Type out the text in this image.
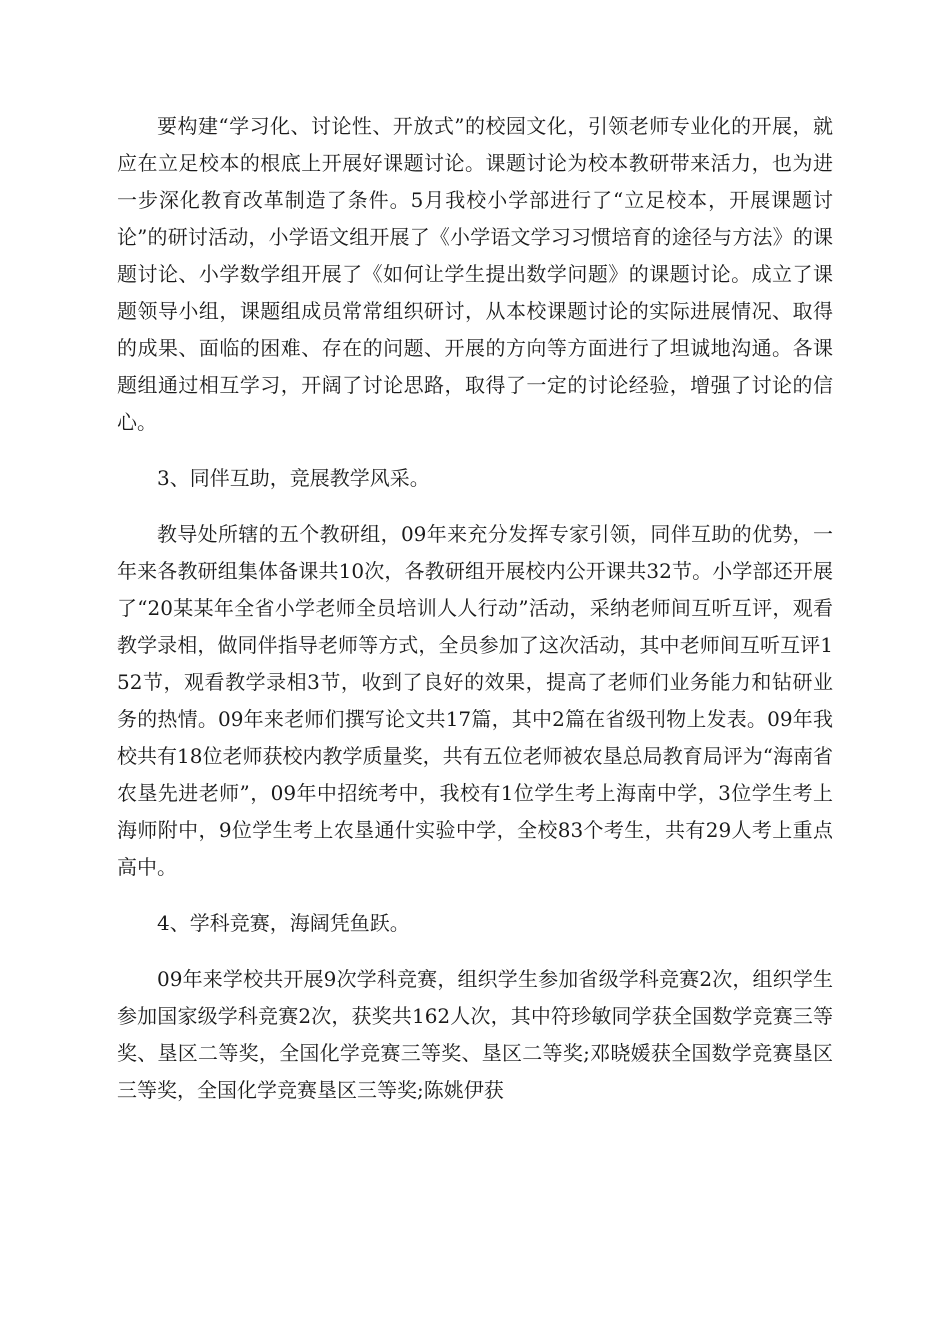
要构建“学习化、讨论性、开放式”的校园文化，引领老师专业化的开展，就应在立足校本的根底上开展好课题讨论。课题讨论为校本教研带来活力，也为进一步深化教育改革制造了条件。5月我校小学部进行了“立足校本，开展课题讨论”的研讨活动，小学语文组开展了《小学语文学习习惯培育的途径与方法》的课题讨论、小学数学组开展了《如何让学生提出数学问题》的课题讨论。成立了课题领导小组，课题组成员常常组织研讨，从本校课题讨论的实际进展情况、取得的成果、面临的困难、存在的问题、开展的方向等方面进行了坦诚地沟通。各课题组通过相互学习，开阔了讨论思路，取得了一定的讨论经验，增强了讨论的信心。

3、同伴互助，竞展教学风采。

教导处所辖的五个教研组，09年来充分发挥专家引领，同伴互助的优势，一年来各教研组集体备课共10次，各教研组开展校内公开课共32节。小学部还开展了“20某某年全省小学老师全员培训人人行动”活动，采纳老师间互听互评，观看教学录相，做同伴指导老师等方式，全员参加了这次活动，其中老师间互听互评152节，观看教学录相3节，收到了良好的效果，提高了老师们业务能力和钻研业务的热情。09年来老师们撰写论文共17篇，其中2篇在省级刊物上发表。09年我校共有18位老师获校内教学质量奖，共有五位老师被农垦总局教育局评为“海南省农垦先进老师”，09年中招统考中，我校有1位学生考上海南中学，3位学生考上海师附中，9位学生考上农垦通什实验中学，全校83个考生，共有29人考上重点高中。

4、学科竞赛，海阔凭鱼跃。

09年来学校共开展9次学科竞赛，组织学生参加省级学科竞赛2次，组织学生参加国家级学科竞赛2次，获奖共162人次，其中符珍敏同学获全国数学竞赛三等奖、垦区二等奖，全国化学竞赛三等奖、垦区二等奖;邓晓媛获全国数学竞赛垦区三等奖，全国化学竞赛垦区三等奖;陈姚伊获
